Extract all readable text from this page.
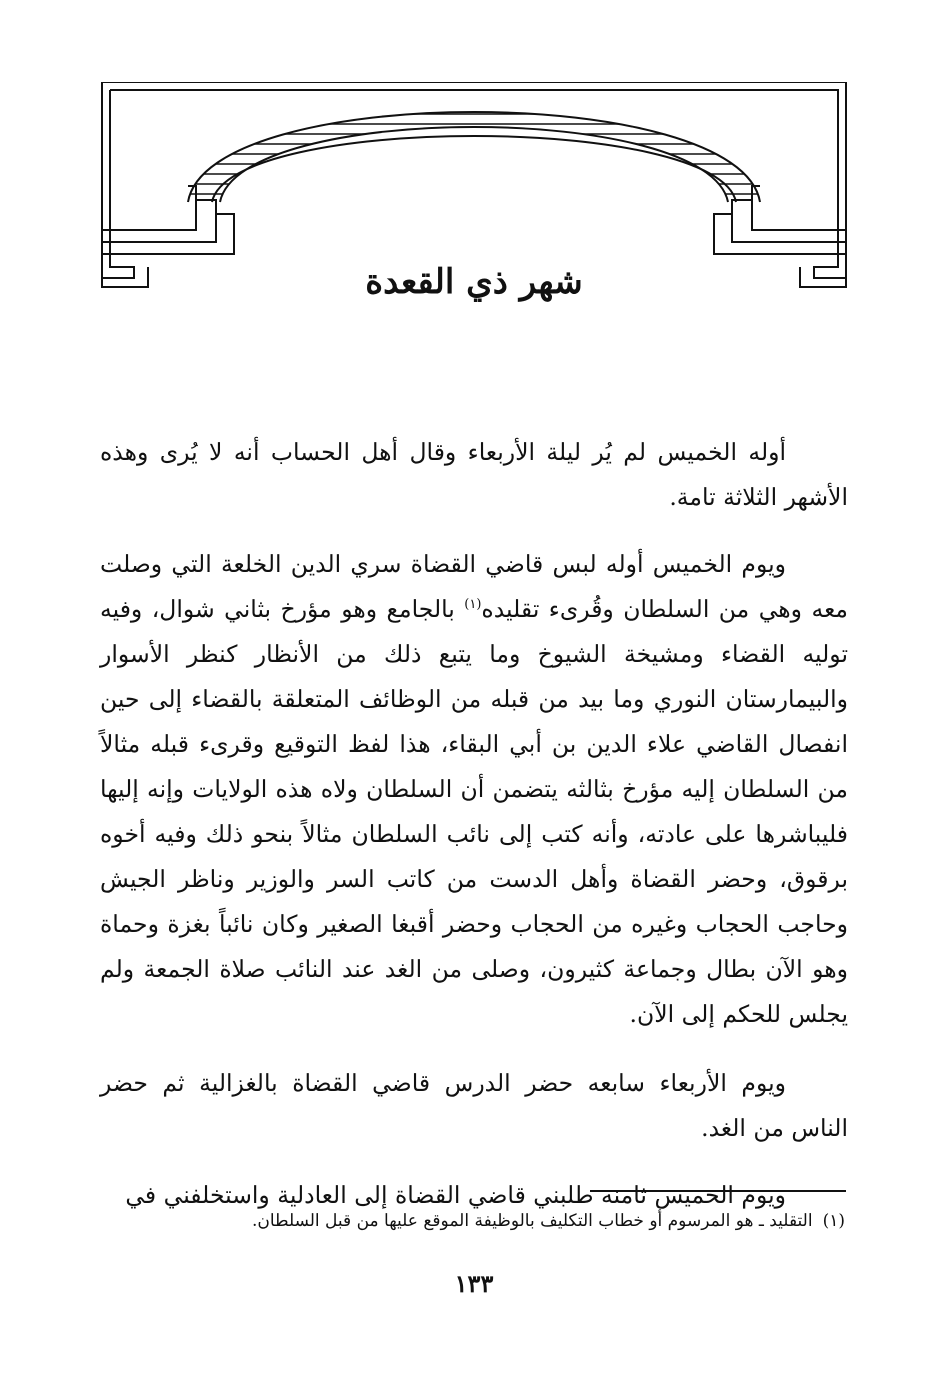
شهر ذي القعدة

أوله الخميس لم يُر ليلة الأربعاء وقال أهل الحساب أنه لا يُرى وهذه الأشهر الثلاثة تامة.

ويوم الخميس أوله لبس قاضي القضاة سري الدين الخلعة التي وصلت معه وهي من السلطان وقُرىء تقليده$^{(١)}$ بالجامع وهو مؤرخ بثاني شوال، وفيه توليه القضاء ومشيخة الشيوخ وما يتبع ذلك من الأنظار كنظر الأسوار والبيمارستان النوري وما بيد من قبله من الوظائف المتعلقة بالقضاء إلى حين انفصال القاضي علاء الدين بن أبي البقاء، هذا لفظ التوقيع وقرىء قبله مثالاً من السلطان إليه مؤرخ بثالثه يتضمن أن السلطان ولاه هذه الولايات وإنه إليها فليباشرها على عادته، وأنه كتب إلى نائب السلطان مثالاً بنحو ذلك وفيه أخوه برقوق، وحضر القضاة وأهل الدست من كاتب السر والوزير وناظر الجيش وحاجب الحجاب وغيره من الحجاب وحضر أقبغا الصغير وكان نائباً بغزة وحماة وهو الآن بطال وجماعة كثيرون، وصلى من الغد عند النائب صلاة الجمعة ولم يجلس للحكم إلى الآن.

ويوم الأربعاء سابعه حضر الدرس قاضي القضاة بالغزالية ثم حضر الناس من الغد.

ويوم الخميس ثامنه طلبني قاضي القضاة إلى العادلية واستخلفني في

(١)التقليد ـ هو المرسوم أو خطاب التكليف بالوظيفة الموقع عليها من قبل السلطان.
١٣٣
